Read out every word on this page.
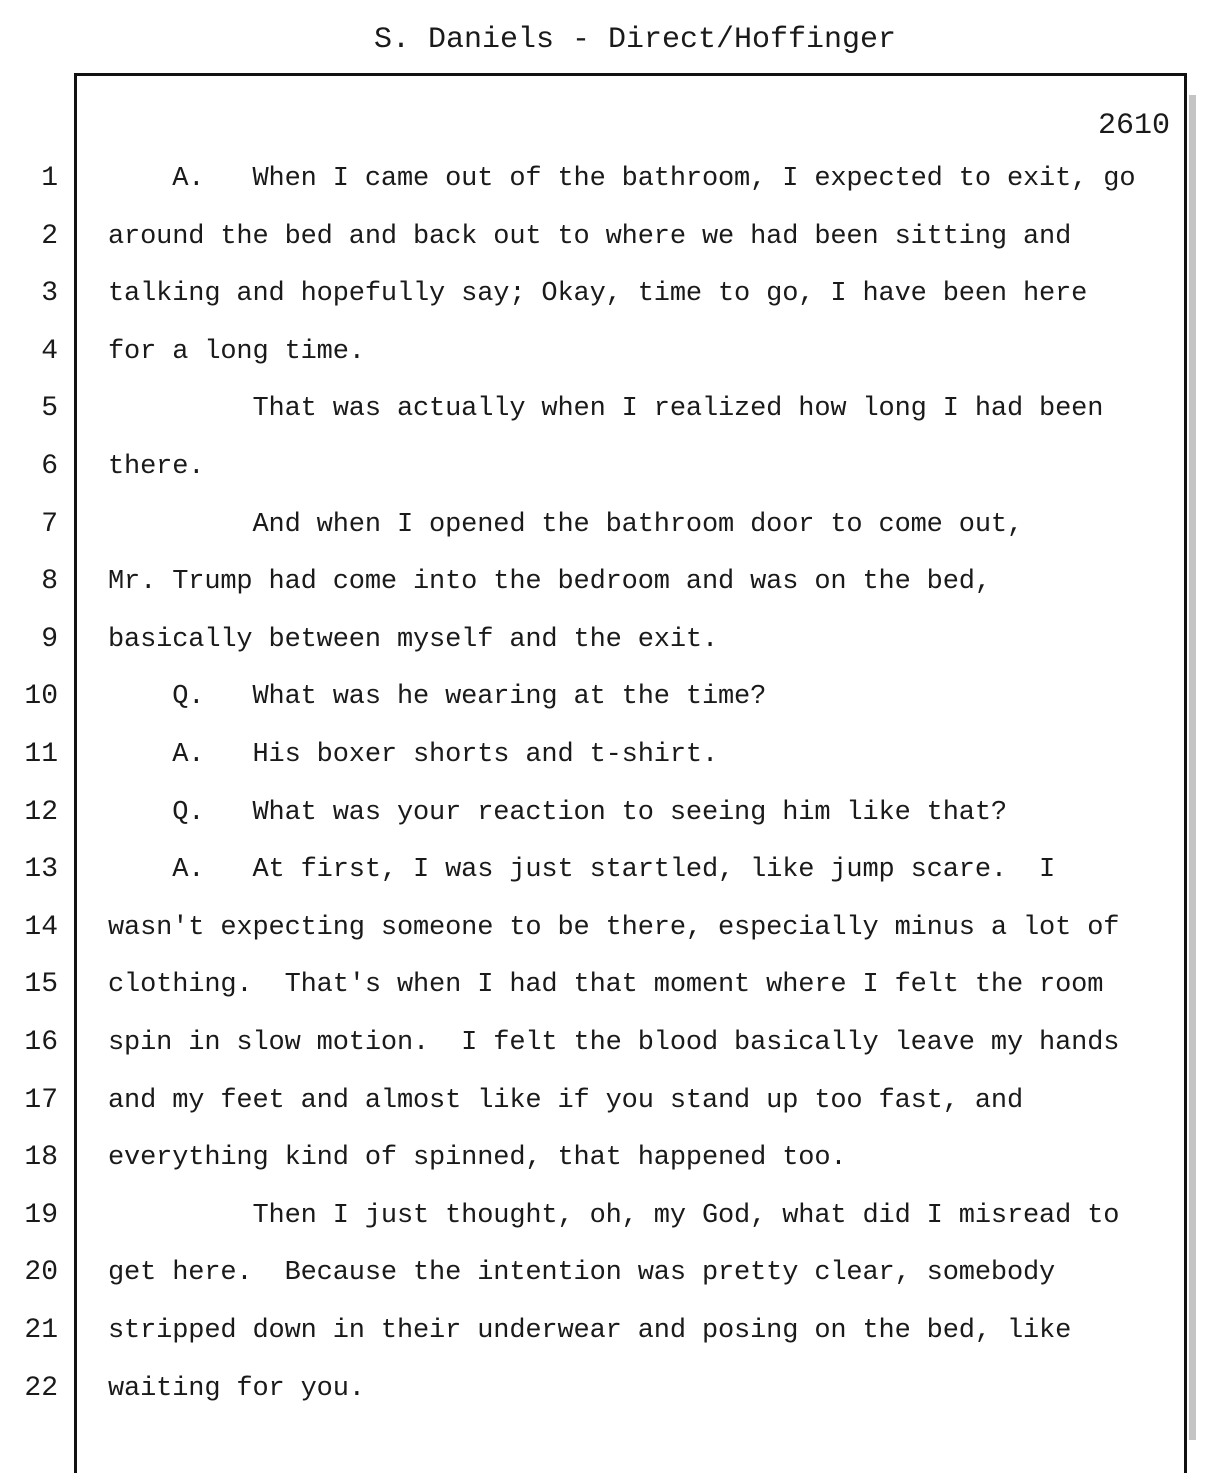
S. Daniels - Direct/Hoffinger
2610
1 A.   When I came out of the bathroom, I expected to exit, go
2 around the bed and back out to where we had been sitting and
3 talking and hopefully say; Okay, time to go, I have been here
4 for a long time.
5 That was actually when I realized how long I had been
6 there.
7 And when I opened the bathroom door to come out,
8 Mr. Trump had come into the bedroom and was on the bed,
9 basically between myself and the exit.
10 Q.   What was he wearing at the time?
11 A.   His boxer shorts and t-shirt.
12 Q.   What was your reaction to seeing him like that?
13 A.   At first, I was just startled, like jump scare.  I
14 wasn't expecting someone to be there, especially minus a lot of
15 clothing.  That's when I had that moment where I felt the room
16 spin in slow motion.  I felt the blood basically leave my hands
17 and my feet and almost like if you stand up too fast, and
18 everything kind of spinned, that happened too.
19 Then I just thought, oh, my God, what did I misread to
20 get here.  Because the intention was pretty clear, somebody
21 stripped down in their underwear and posing on the bed, like
22 waiting for you.
